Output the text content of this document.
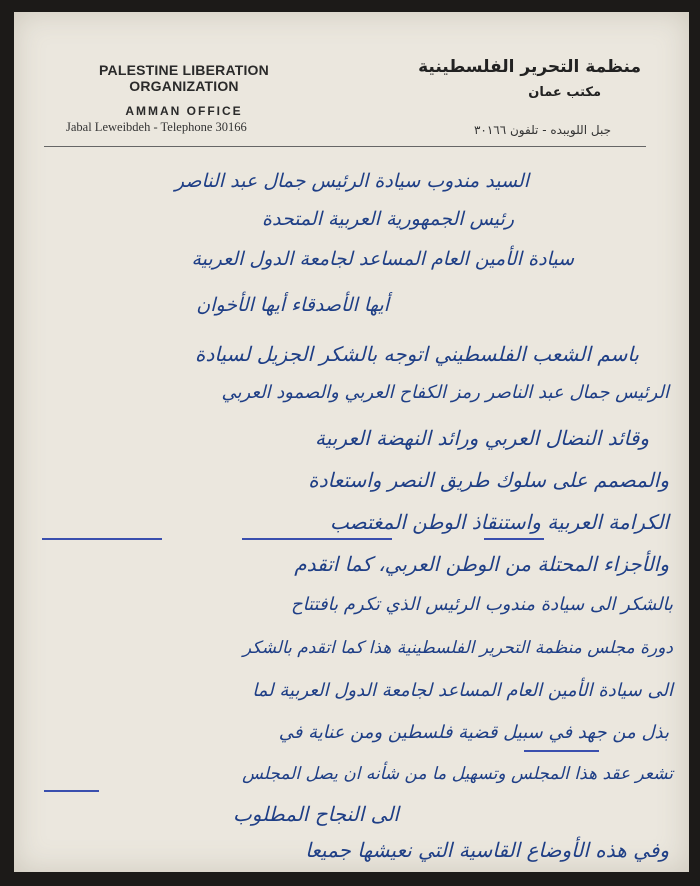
PALESTINE LIBERATION ORGANIZATION
AMMAN OFFICE
Jabal Leweibdeh - Telephone 30166
منظمة التحرير الفلسطينية
مكتب عمان
جبل اللويبده - تلفون ٣٠١٦٦
السيد مندوب سيادة الرئيس جمال عبد الناصر
رئيس الجمهورية العربية المتحدة
سيادة الأمين العام المساعد لجامعة الدول العربية
أيها الأصدقاء أيها الأخوان
باسم الشعب الفلسطيني اتوجه بالشكر الجزيل لسيادة
الرئيس جمال عبد الناصر رمز الكفاح العربي والصمود العربي
وقائد النضال العربي ورائد النهضة العربية
والمصمم على سلوك طريق النصر واستعادة
الكرامة العربية واستنقاذ الوطن المغتصب
والأجزاء المحتلة من الوطن العربي، كما اتقدم
بالشكر الى سيادة مندوب الرئيس الذي تكرم بافتتاح
دورة مجلس منظمة التحرير الفلسطينية هذا كما اتقدم بالشكر
الى سيادة الأمين العام المساعد لجامعة الدول العربية لما
بذل من جهد في سبيل قضية فلسطين ومن عناية في
تشعر عقد هذا المجلس وتسهيل ما من شأنه ان يصل المجلس
الى النجاح المطلوب
وفي هذه الأوضاع القاسية التي نعيشها جميعا
